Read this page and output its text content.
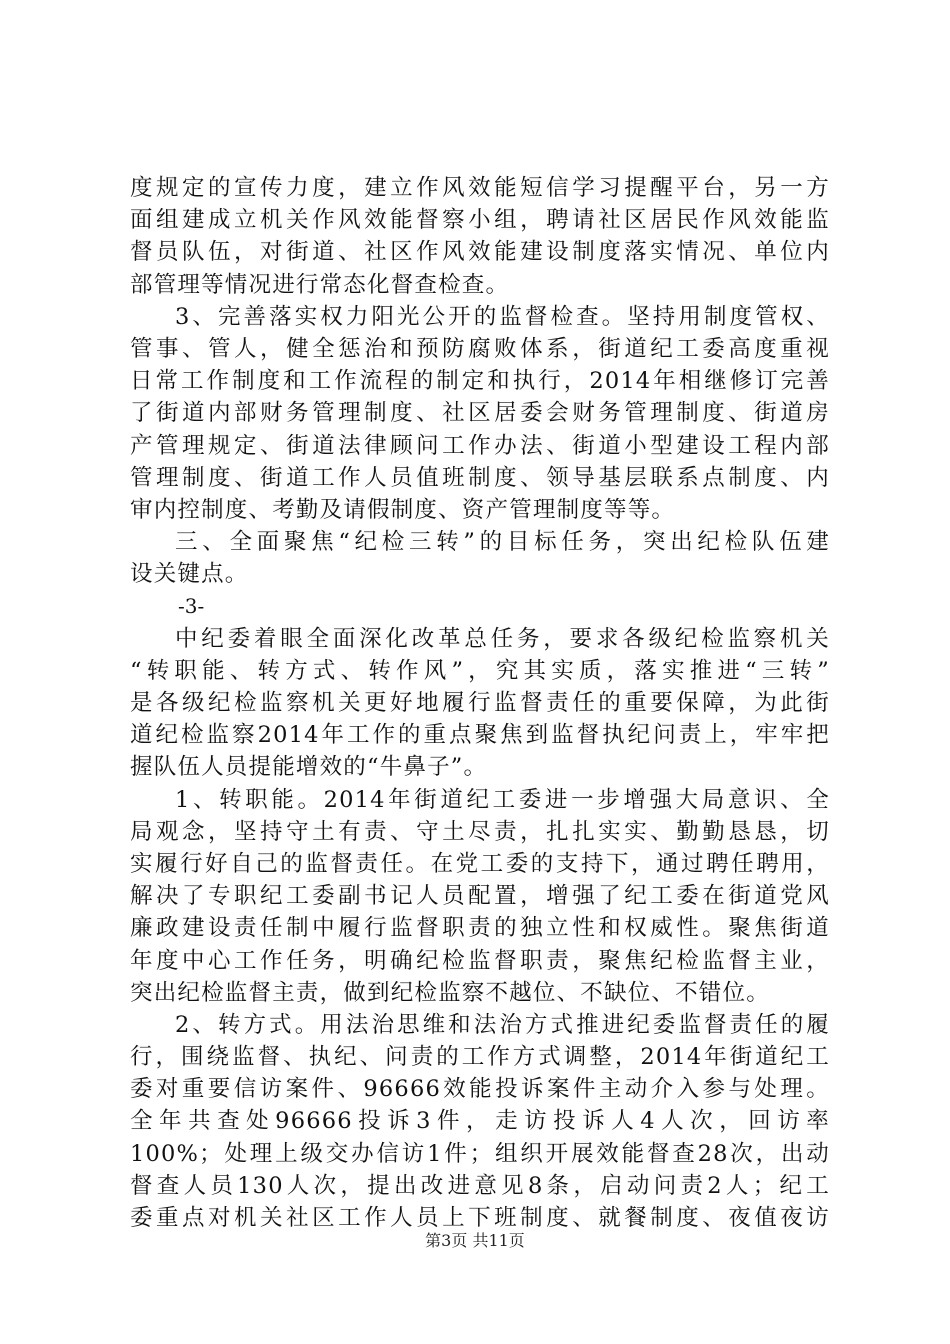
度规定的宣传力度，建立作风效能短信学习提醒平台，另一方
面组建成立机关作风效能督察小组，聘请社区居民作风效能监
督员队伍，对街道、社区作风效能建设制度落实情况、单位内
部管理等情况进行常态化督查检查。
3、完善落实权力阳光公开的监督检查。坚持用制度管权、
管事、管人，健全惩治和预防腐败体系，街道纪工委高度重视
日常工作制度和工作流程的制定和执行，2014年相继修订完善
了街道内部财务管理制度、社区居委会财务管理制度、街道房
产管理规定、街道法律顾问工作办法、街道小型建设工程内部
管理制度、街道工作人员值班制度、领导基层联系点制度、内
审内控制度、考勤及请假制度、资产管理制度等等。
三、全面聚焦“纪检三转”的目标任务，突出纪检队伍建
设关键点。
-3-
中纪委着眼全面深化改革总任务，要求各级纪检监察机关
“转职能、转方式、转作风”，究其实质，落实推进“三转”
是各级纪检监察机关更好地履行监督责任的重要保障，为此街
道纪检监察2014年工作的重点聚焦到监督执纪问责上，牢牢把
握队伍人员提能增效的“牛鼻子”。
1、转职能。2014年街道纪工委进一步增强大局意识、全
局观念，坚持守土有责、守土尽责，扎扎实实、勤勤恳恳，切
实履行好自己的监督责任。在党工委的支持下，通过聘任聘用，
解决了专职纪工委副书记人员配置，增强了纪工委在街道党风
廉政建设责任制中履行监督职责的独立性和权威性。聚焦街道
年度中心工作任务，明确纪检监督职责，聚焦纪检监督主业，
突出纪检监督主责，做到纪检监察不越位、不缺位、不错位。
2、转方式。用法治思维和法治方式推进纪委监督责任的履
行，围绕监督、执纪、问责的工作方式调整，2014年街道纪工
委对重要信访案件、96666效能投诉案件主动介入参与处理。
全年共查处96666投诉3件，走访投诉人4人次，回访率
100%；处理上级交办信访1件；组织开展效能督查28次，出动
督查人员130人次，提出改进意见8条，启动问责2人；纪工
委重点对机关社区工作人员上下班制度、就餐制度、夜值夜访
第3页 共11页
